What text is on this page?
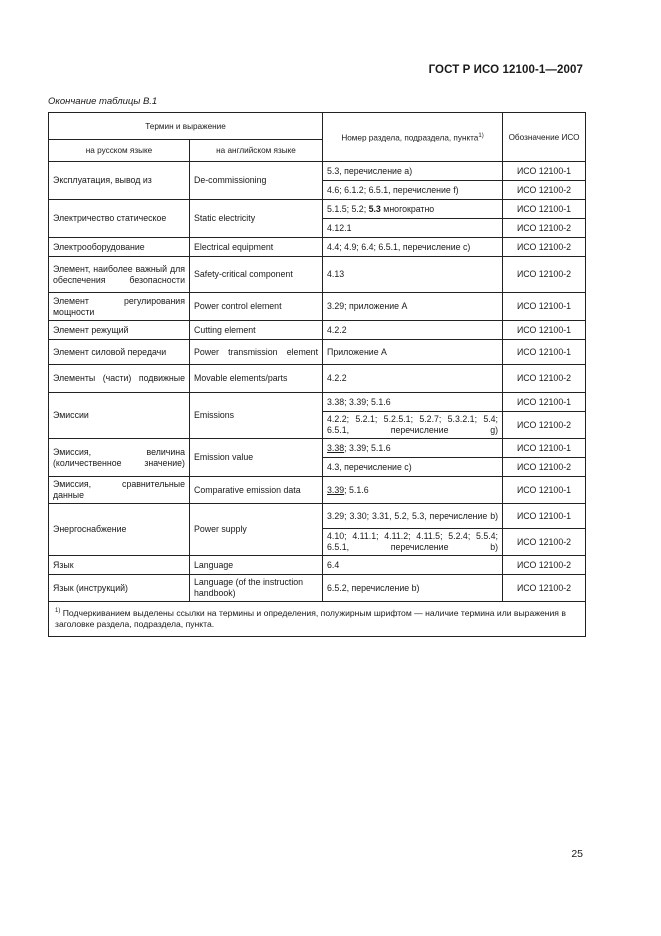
ГОСТ Р ИСО 12100-1—2007
Окончание таблицы В.1
Термин и выражение		Номер раздела, подраздела, пункта$^{1)}$	Обозначение ИСО
на русском языке	на английском языке		
Эксплуатация, вывод из	De-commissioning	5.3, перечисление а)	ИСО 12100-1
		4.6; 6.1.2; 6.5.1, перечисление f)	ИСО 12100-2
Электричество статическое	Static electricity	5.1.5; 5.2; 5.3 многократно	ИСО 12100-1
		4.12.1	ИСО 12100-2
Электрооборудование	Electrical equipment	4.4; 4.9; 6.4; 6.5.1, перечисление с)	ИСО 12100-2
Элемент, наиболее важный для обеспечения безопасности	Safety-critical component	4.13	ИСО 12100-2
Элемент регулирования мощности	Power control element	3.29; приложение А	ИСО 12100-1
Элемент режущий	Cutting element	4.2.2	ИСО 12100-1
Элемент силовой передачи	Power transmission element	Приложение А	ИСО 12100-1
Элементы (части) подвижные	Movable elements/parts	4.2.2	ИСО 12100-2
Эмиссии	Emissions	3.38; 3.39; 5.1.6	ИСО 12100-1
		4.2.2; 5.2.1; 5.2.5.1; 5.2.7; 5.3.2.1; 5.4; 6.5.1, перечисление g)	ИСО 12100-2
Эмиссия, величина (количественное значение)	Emission value	3.38; 3.39; 5.1.6	ИСО 12100-1
		4.3, перечисление с)	ИСО 12100-2
Эмиссия, сравнительные данные	Comparative emission data	3.39; 5.1.6	ИСО 12100-1
Энергоснабжение	Power supply	3.29; 3.30; 3.31, 5.2, 5.3, перечисление b)	ИСО 12100-1
		4.10; 4.11.1; 4.11.2; 4.11.5; 5.2.4; 5.5.4; 6.5.1, перечисление b)	ИСО 12100-2
Язык	Language	6.4	ИСО 12100-2
Язык (инструкций)	Language (of the instruction handbook)	6.5.2, перечисление b)	ИСО 12100-2
$^{1)}$ Подчеркиванием выделены ссылки на термины и определения, полужирным шрифтом — наличие термина или выражения в заголовке раздела, подраздела, пункта.			
25
